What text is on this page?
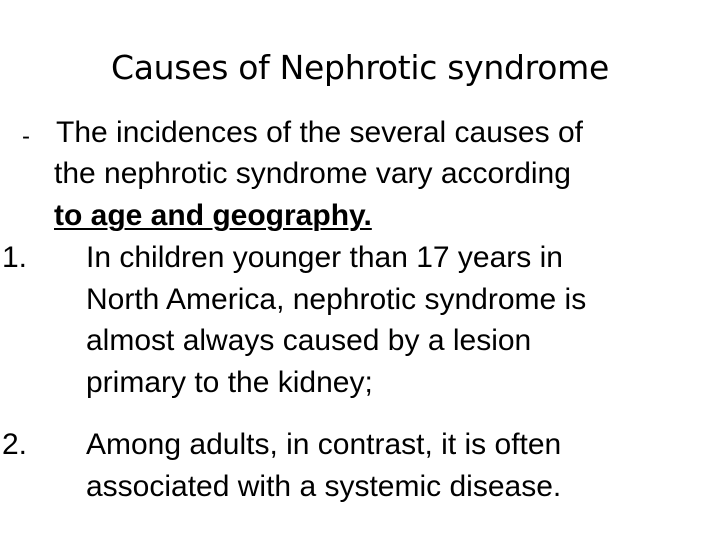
Causes of Nephrotic syndrome
- The incidences of the several causes of
the nephrotic syndrome vary according
to age and geography.
1. In children younger than 17 years in
North America, nephrotic syndrome is
almost always caused by a lesion
primary to the kidney;
2. Among adults, in contrast, it is often
associated with a systemic disease.
